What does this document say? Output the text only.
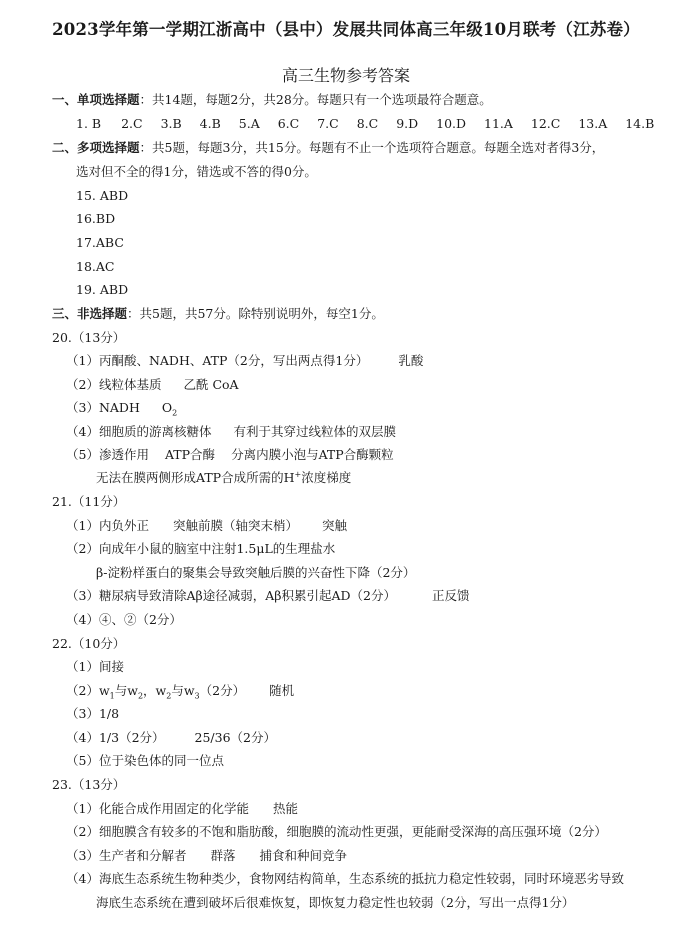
2023学年第一学期江浙高中（县中）发展共同体高三年级10月联考（江苏卷）
高三生物参考答案
一、单项选择题：共14题，每题2分，共28分。每题只有一个选项最符合题意。
1. B 2.C 3.B 4.B 5.A 6.C 7.C 8.C 9.D 10.D 11.A 12.C 13.A 14.B
二、多项选择题：共5题，每题3分，共15分。每题有不止一个选项符合题意。每题全选对者得3分，
选对但不全的得1分，错选或不答的得0分。
15. ABD
16.BD
17.ABC
18.AC
19. ABD
三、非选择题：共5题，共57分。除特别说明外，每空1分。
20.（13分）
（1）丙酮酸、NADH、ATP（2分，写出两点得1分） 乳酸
（2）线粒体基质 乙酰 CoA
（3）NADH $O_2$
（4）细胞质的游离核糖体 有利于其穿过线粒体的双层膜
（5）渗透作用 ATP合酶 分离内膜小泡与ATP合酶颗粒
无法在膜两侧形成ATP合成所需的H+浓度梯度
21.（11分）
（1）内负外正 突触前膜（轴突末梢） 突触
（2）向成年小鼠的脑室中注射1.5μL的生理盐水
β-淀粉样蛋白的聚集会导致突触后膜的兴奋性下降（2分）
（3）糖尿病导致清除Aβ途径减弱，Aβ积累引起AD（2分）	正反馈
（4）④、②（2分）
22.（10分）
（1）间接
$(2)w_1$与$w_2$，$w_2$与$w_3(2$分） 随机
（3）1/8
（4）1/3（2分） 25/36（2分）
（5）位于染色体的同一位点
23.（13分）
（1）化能合成作用固定的化学能 热能
（2）细胞膜含有较多的不饱和脂肪酸，细胞膜的流动性更强，更能耐受深海的高压强环境（2分）
（3）生产者和分解者 群落 捕食和种间竞争
（4）海底生态系统生物种类少，食物网结构简单，生态系统的抵抗力稳定性较弱，同时环境恶劣导致
海底生态系统在遭到破坏后很难恢复，即恢复力稳定性也较弱（2分，写出一点得1分）
